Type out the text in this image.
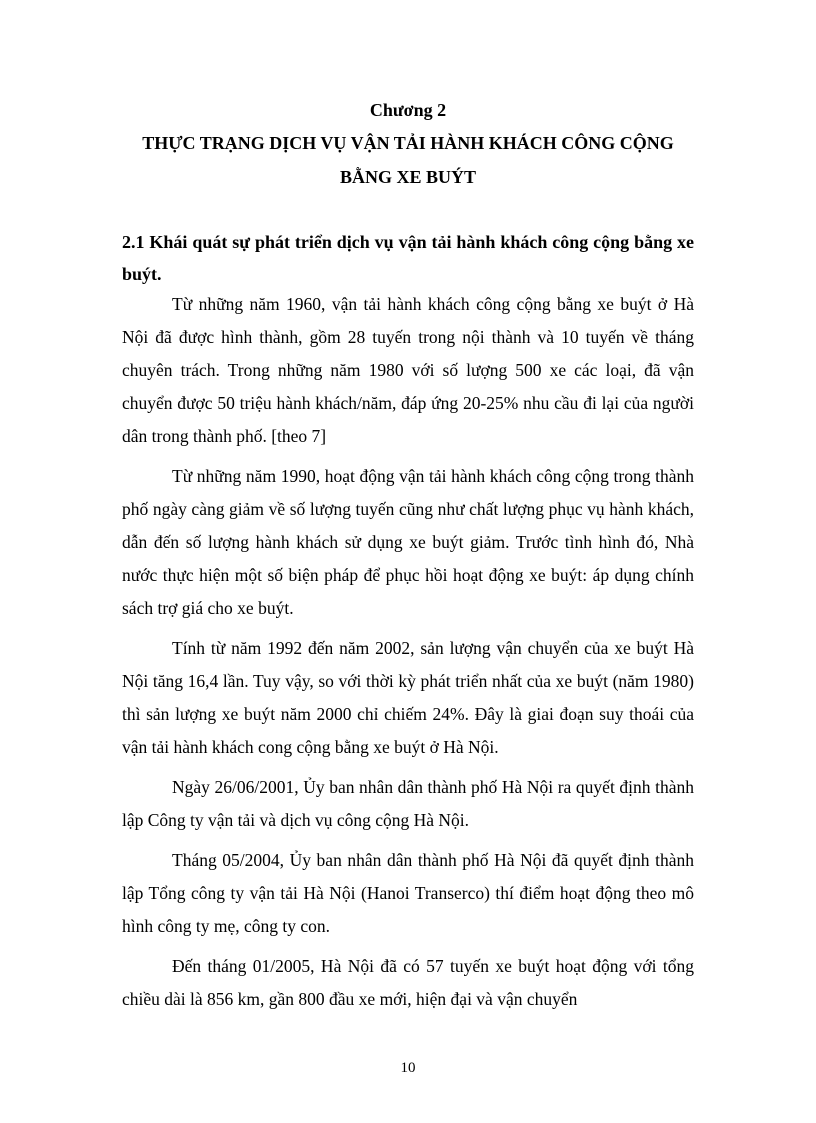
Chương 2
THỰC TRẠNG DỊCH VỤ VẬN TẢI HÀNH KHÁCH CÔNG CỘNG
BẰNG XE BUÝT
2.1 Khái quát sự phát triển dịch vụ vận tải hành khách công cộng bằng xe buýt.

Từ những năm 1960, vận tải hành khách công cộng bằng xe buýt ở Hà Nội đã được hình thành, gồm 28 tuyến trong nội thành và 10 tuyến về tháng chuyên trách. Trong những năm 1980 với số lượng 500 xe các loại, đã vận chuyển được 50 triệu hành khách/năm, đáp ứng 20-25% nhu cầu đi lại của người dân trong thành phố. [theo 7]

Từ những năm 1990, hoạt động vận tải hành khách công cộng trong thành phố ngày càng giảm về số lượng tuyến cũng như chất lượng phục vụ hành khách, dẫn đến số lượng hành khách sử dụng xe buýt giảm. Trước tình hình đó, Nhà nước thực hiện một số biện pháp để phục hồi hoạt động xe buýt: áp dụng chính sách trợ giá cho xe buýt.

Tính từ năm 1992 đến năm 2002, sản lượng vận chuyển của xe buýt Hà Nội tăng 16,4 lần. Tuy vậy, so với thời kỳ phát triển nhất của xe buýt (năm 1980) thì sản lượng xe buýt năm 2000 chỉ chiếm 24%. Đây là giai đoạn suy thoái của vận tải hành khách cong cộng bằng xe buýt ở Hà Nội.

Ngày 26/06/2001, Ủy ban nhân dân thành phố Hà Nội ra quyết định thành lập Công ty vận tải và dịch vụ công cộng Hà Nội.

Tháng 05/2004, Ủy ban nhân dân thành phố Hà Nội đã quyết định thành lập Tổng công ty vận tải Hà Nội (Hanoi Transerco) thí điểm hoạt động theo mô hình công ty mẹ, công ty con.

Đến tháng 01/2005, Hà Nội đã có 57 tuyến xe buýt hoạt động với tổng chiều dài là 856 km, gần 800 đầu xe mới, hiện đại và vận chuyển

10
